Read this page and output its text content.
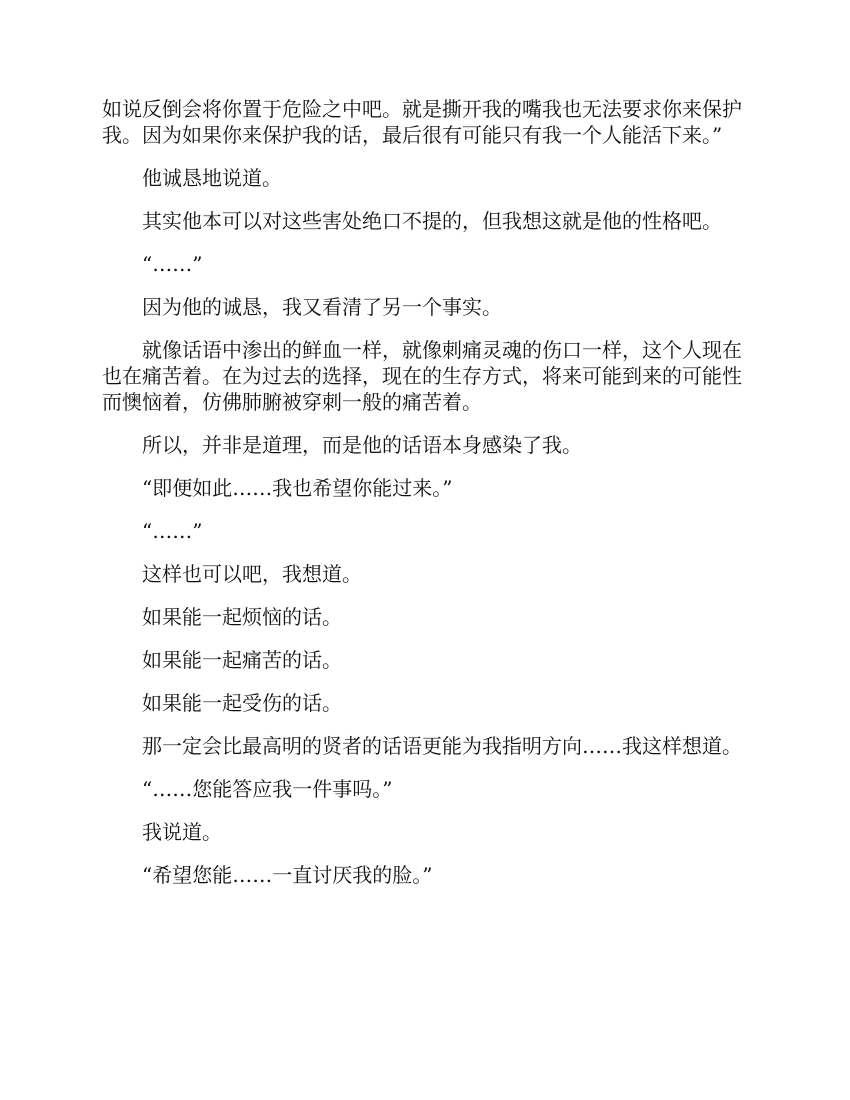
如说反倒会将你置于危险之中吧。就是撕开我的嘴我也无法要求你来保护我。因为如果你来保护我的话，最后很有可能只有我一个人能活下来。”

他诚恳地说道。

其实他本可以对这些害处绝口不提的，但我想这就是他的性格吧。

“……”

因为他的诚恳，我又看清了另一个事实。

就像话语中渗出的鲜血一样，就像刺痛灵魂的伤口一样，这个人现在也在痛苦着。在为过去的选择，现在的生存方式，将来可能到来的可能性而懊恼着，仿佛肺腑被穿刺一般的痛苦着。

所以，并非是道理，而是他的话语本身感染了我。

“即便如此……我也希望你能过来。”

“……”

这样也可以吧，我想道。

如果能一起烦恼的话。

如果能一起痛苦的话。

如果能一起受伤的话。

那一定会比最高明的贤者的话语更能为我指明方向……我这样想道。

“……您能答应我一件事吗。”

我说道。

“希望您能……一直讨厌我的脸。”
